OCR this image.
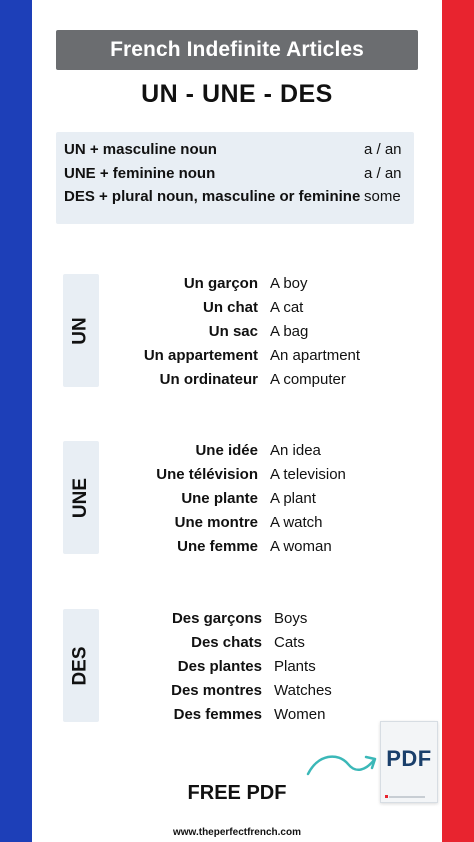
French Indefinite Articles
UN - UNE - DES
UN + masculine noun	a / an
UNE + feminine noun	a / an
DES + plural noun, masculine or feminine some
UN
Un garçon A boy
Un chat A cat
Un sac A bag
Un appartement An apartment
Un ordinateur A computer
UNE
Une idée An idea
Une télévision A television
Une plante A plant
Une montre A watch
Une femme A woman
DES
Des garçons Boys
Des chats Cats
Des plantes Plants
Des montres Watches
Des femmes Women
PDF
FREE PDF
www.theperfectfrench.com
